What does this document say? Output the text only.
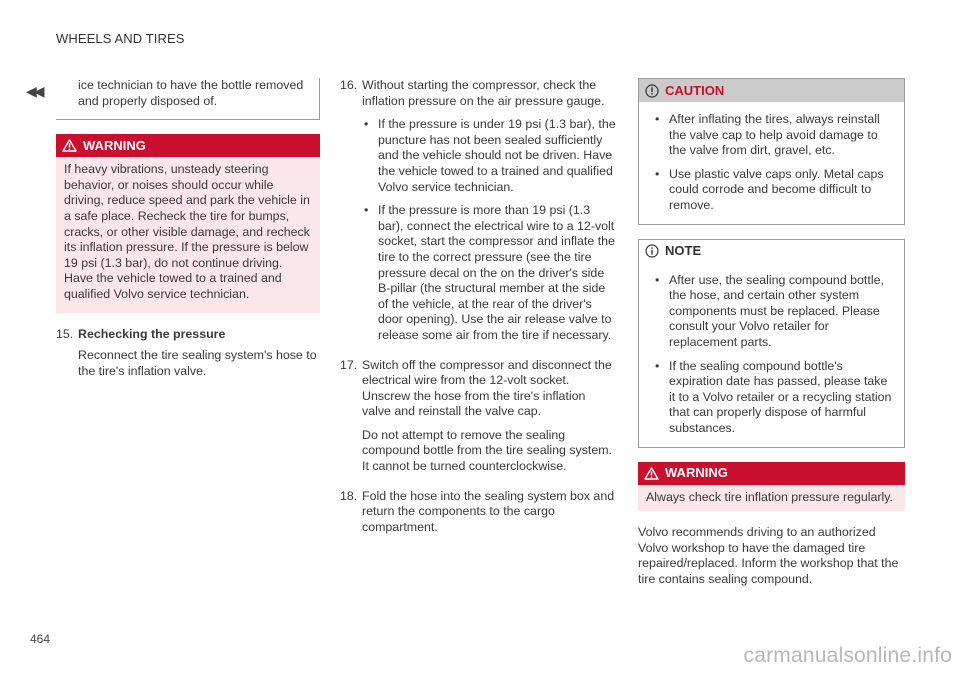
WHEELS AND TIRES
◀◀	ice technician to have the bottle removed and properly disposed of.

WARNING
If heavy vibrations, unsteady steering behavior, or noises should occur while driving, reduce speed and park the vehicle in a safe place. Recheck the tire for bumps, cracks, or other visible damage, and recheck its inflation pressure. If the pressure is below 19 psi (1.3 bar), do not continue driving. Have the vehicle towed to a trained and qualified Volvo service technician.
15. Rechecking the pressure
Reconnect the tire sealing system's hose to the tire's inflation valve.
16. Without starting the compressor, check the inflation pressure on the air pressure gauge.
• If the pressure is under 19 psi (1.3 bar), the puncture has not been sealed sufficiently and the vehicle should not be driven. Have the vehicle towed to a trained and qualified Volvo service technician.
• If the pressure is more than 19 psi (1.3 bar), connect the electrical wire to a 12-volt socket, start the compressor and inflate the tire to the correct pressure (see the tire pressure decal on the on the driver's side B-pillar (the structural member at the side of the vehicle, at the rear of the driver's door opening). Use the air release valve to release some air from the tire if necessary.
17. Switch off the compressor and disconnect the electrical wire from the 12-volt socket. Unscrew the hose from the tire's inflation valve and reinstall the valve cap.
Do not attempt to remove the sealing compound bottle from the tire sealing system. It cannot be turned counterclockwise.
18. Fold the hose into the sealing system box and return the components to the cargo compartment.
CAUTION
• After inflating the tires, always reinstall the valve cap to help avoid damage to the valve from dirt, gravel, etc.
• Use plastic valve caps only. Metal caps could corrode and become difficult to remove.
NOTE
• After use, the sealing compound bottle, the hose, and certain other system components must be replaced. Please consult your Volvo retailer for replacement parts.
• If the sealing compound bottle's expiration date has passed, please take it to a Volvo retailer or a recycling station that can properly dispose of harmful substances.
WARNING
Always check tire inflation pressure regularly.

Volvo recommends driving to an authorized Volvo workshop to have the damaged tire repaired/replaced. Inform the workshop that the tire contains sealing compound.

464
carmanualsonline.info
